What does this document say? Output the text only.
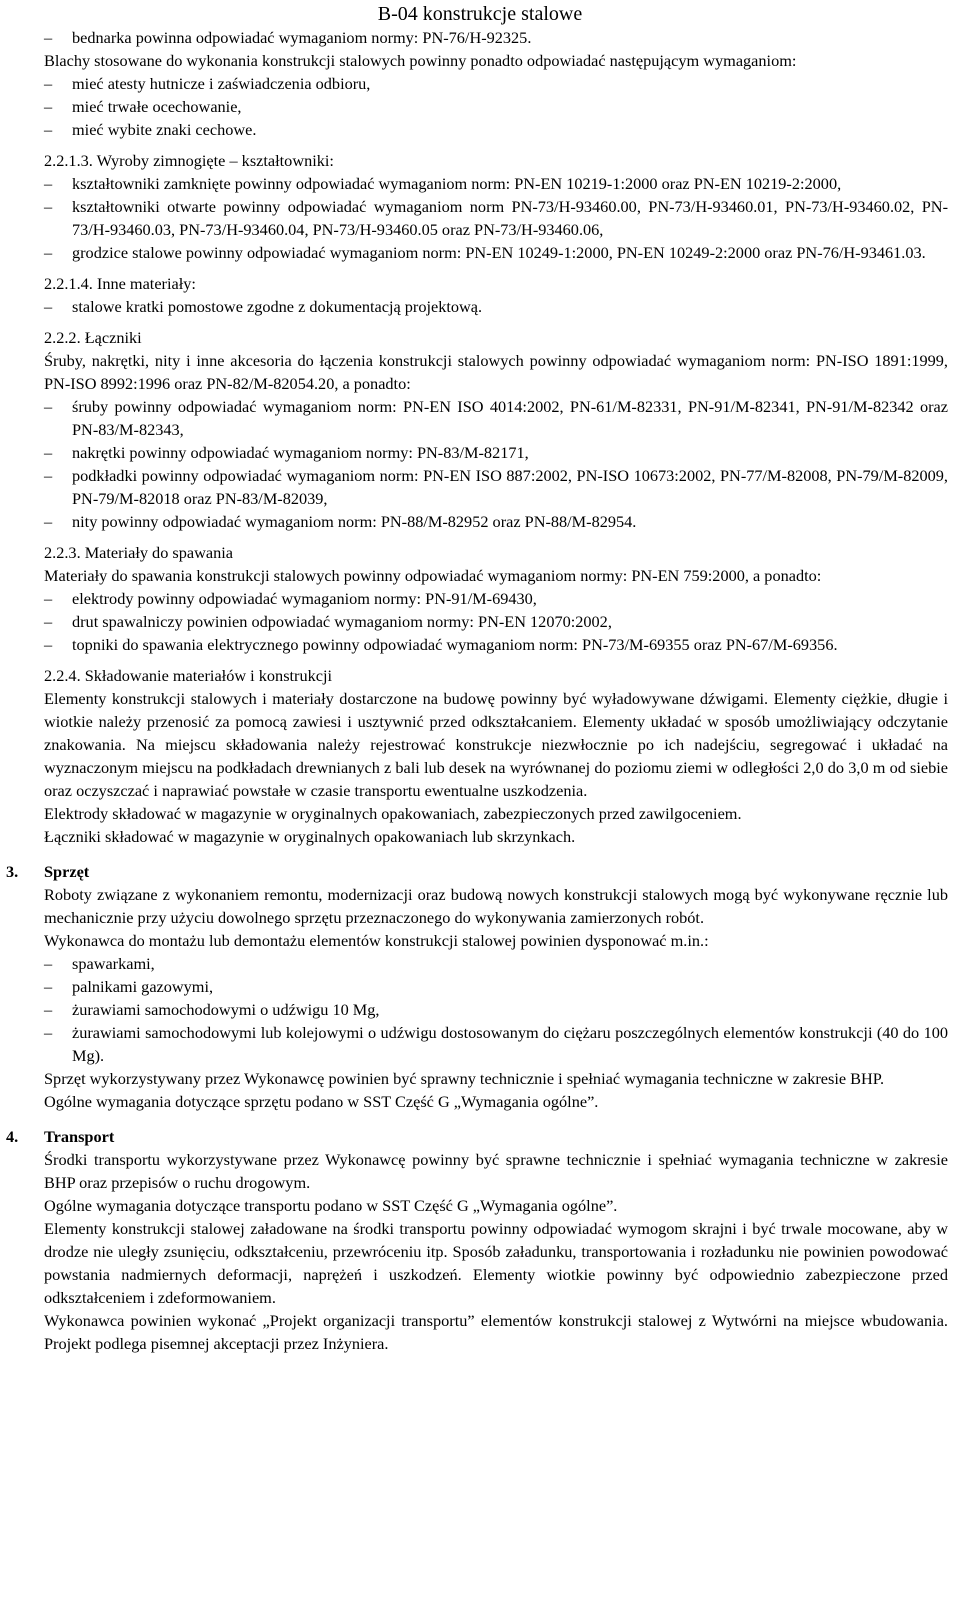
B-04 konstrukcje stalowe
– bednarka powinna odpowiadać wymaganiom normy: PN-76/H-92325.

Blachy stosowane do wykonania konstrukcji stalowych powinny ponadto odpowiadać następującym wymaganiom:

– mieć atesty hutnicze i zaświadczenia odbioru,
– mieć trwałe ocechowanie,
– mieć wybite znaki cechowe.

2.2.1.3. Wyroby zimnogięte – kształtowniki:

– kształtowniki zamknięte powinny odpowiadać wymaganiom norm: PN-EN 10219-1:2000 oraz PN-EN 10219-2:2000,
– kształtowniki otwarte powinny odpowiadać wymaganiom norm PN-73/H-93460.00, PN-73/H-93460.01, PN-73/H-93460.02, PN-73/H-93460.03, PN-73/H-93460.04, PN-73/H-93460.05 oraz PN-73/H-93460.06,
– grodzice stalowe powinny odpowiadać wymaganiom norm: PN-EN 10249-1:2000, PN-EN 10249-2:2000 oraz PN-76/H-93461.03.

2.2.1.4. Inne materiały:

– stalowe kratki pomostowe zgodne z dokumentacją projektową.

2.2.2. Łączniki

Śruby, nakrętki, nity i inne akcesoria do łączenia konstrukcji stalowych powinny odpowiadać wymaganiom norm: PN-ISO 1891:1999, PN-ISO 8992:1996 oraz PN-82/M-82054.20, a ponadto:

– śruby powinny odpowiadać wymaganiom norm: PN-EN ISO 4014:2002, PN-61/M-82331, PN-91/M-82341, PN-91/M-82342 oraz PN-83/M-82343,
– nakrętki powinny odpowiadać wymaganiom normy: PN-83/M-82171,
– podkładki powinny odpowiadać wymaganiom norm: PN-EN ISO 887:2002, PN-ISO 10673:2002, PN-77/M-82008, PN-79/M-82009, PN-79/M-82018 oraz PN-83/M-82039,
– nity powinny odpowiadać wymaganiom norm: PN-88/M-82952 oraz PN-88/M-82954.

2.2.3. Materiały do spawania

Materiały do spawania konstrukcji stalowych powinny odpowiadać wymaganiom normy: PN-EN 759:2000, a ponadto:

– elektrody powinny odpowiadać wymaganiom normy: PN-91/M-69430,
– drut spawalniczy powinien odpowiadać wymaganiom normy: PN-EN 12070:2002,
– topniki do spawania elektrycznego powinny odpowiadać wymaganiom norm: PN-73/M-69355 oraz PN-67/M-69356.

2.2.4. Składowanie materiałów i konstrukcji

Elementy konstrukcji stalowych i materiały dostarczone na budowę powinny być wyładowywane dźwigami. Elementy ciężkie, długie i wiotkie należy przenosić za pomocą zawiesi i usztywnić przed odkształcaniem. Elementy układać w sposób umożliwiający odczytanie znakowania. Na miejscu składowania należy rejestrować konstrukcje niezwłocznie po ich nadejściu, segregować i układać na wyznaczonym miejscu na podkładach drewnianych z bali lub desek na wyrównanej do poziomu ziemi w odległości 2,0 do 3,0 m od siebie oraz oczyszczać i naprawiać powstałe w czasie transportu ewentualne uszkodzenia.

Elektrody składować w magazynie w oryginalnych opakowaniach, zabezpieczonych przed zawilgoceniem.

Łączniki składować w magazynie w oryginalnych opakowaniach lub skrzynkach.

3. Sprzęt

Roboty związane z wykonaniem remontu, modernizacji oraz budową nowych konstrukcji stalowych mogą być wykonywane ręcznie lub mechanicznie przy użyciu dowolnego sprzętu przeznaczonego do wykonywania zamierzonych robót.

Wykonawca do montażu lub demontażu elementów konstrukcji stalowej powinien dysponować m.in.:

– spawarkami,
– palnikami gazowymi,
– żurawiami samochodowymi o udźwigu 10 Mg,
– żurawiami samochodowymi lub kolejowymi o udźwigu dostosowanym do ciężaru poszczególnych elementów konstrukcji (40 do 100 Mg).

Sprzęt wykorzystywany przez Wykonawcę powinien być sprawny technicznie i spełniać wymagania techniczne w zakresie BHP.

Ogólne wymagania dotyczące sprzętu podano w SST Część G „Wymagania ogólne”.

4. Transport

Środki transportu wykorzystywane przez Wykonawcę powinny być sprawne technicznie i spełniać wymagania techniczne w zakresie BHP oraz przepisów o ruchu drogowym.

Ogólne wymagania dotyczące transportu podano w SST Część G „Wymagania ogólne”.

Elementy konstrukcji stalowej załadowane na środki transportu powinny odpowiadać wymogom skrajni i być trwale mocowane, aby w drodze nie uległy zsunięciu, odkształceniu, przewróceniu itp. Sposób załadunku, transportowania i rozładunku nie powinien powodować powstania nadmiernych deformacji, naprężeń i uszkodzeń. Elementy wiotkie powinny być odpowiednio zabezpieczone przed odkształceniem i zdeformowaniem.

Wykonawca powinien wykonać „Projekt organizacji transportu” elementów konstrukcji stalowej z Wytwórni na miejsce wbudowania. Projekt podlega pisemnej akceptacji przez Inżyniera.
